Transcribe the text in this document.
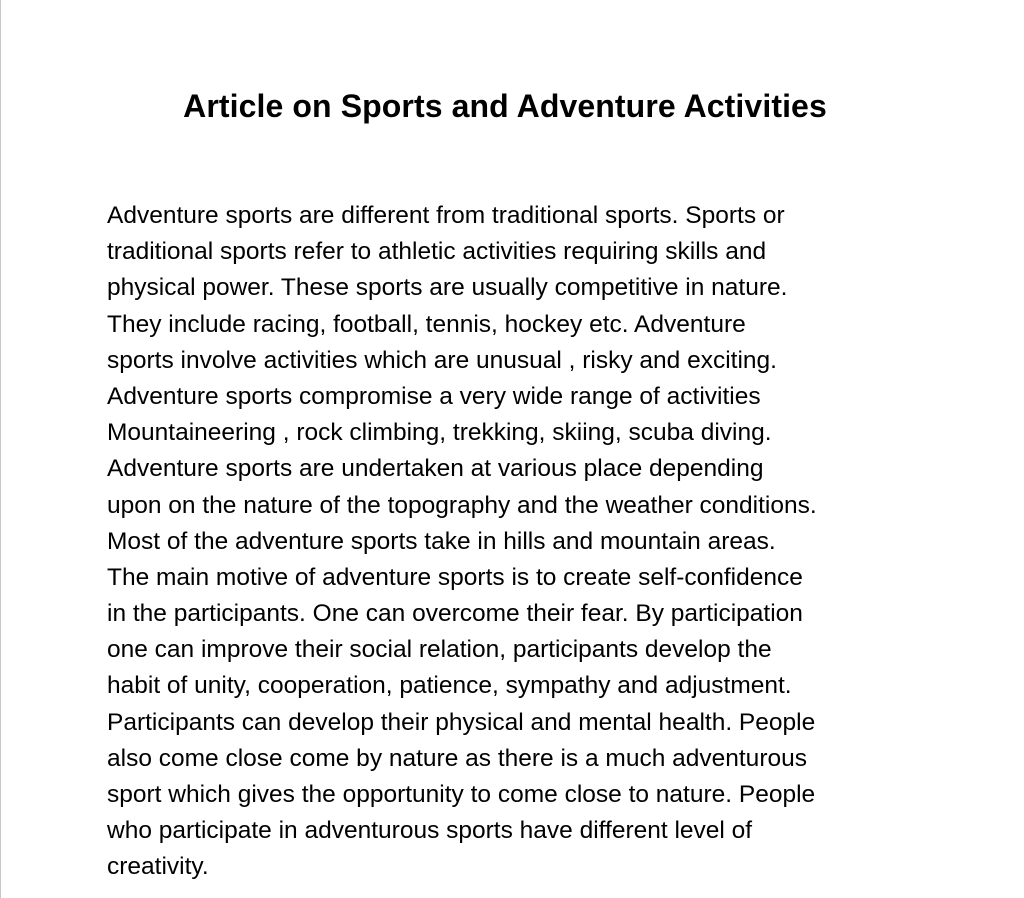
Article on Sports and Adventure Activities
Adventure sports are different from traditional sports. Sports or
traditional sports refer to athletic activities requiring skills and
physical power. These sports are usually competitive in nature.
They include racing, football, tennis, hockey etc. Adventure
sports involve activities which are unusual , risky and exciting.
Adventure sports compromise a very wide range of activities
Mountaineering , rock climbing, trekking, skiing, scuba diving.
Adventure sports are undertaken at various place depending
upon on the nature of the topography and the weather conditions.
Most of the adventure sports take in hills and mountain areas.
The main motive of adventure sports is to create self-confidence
in the participants. One can overcome their fear. By participation
one can improve their social relation, participants develop the
habit of unity, cooperation, patience, sympathy and adjustment.
Participants can develop their physical and mental health. People
also come close come by nature as there is a much adventurous
sport which gives the opportunity to come close to nature. People
who participate in adventurous sports have different level of
creativity.
